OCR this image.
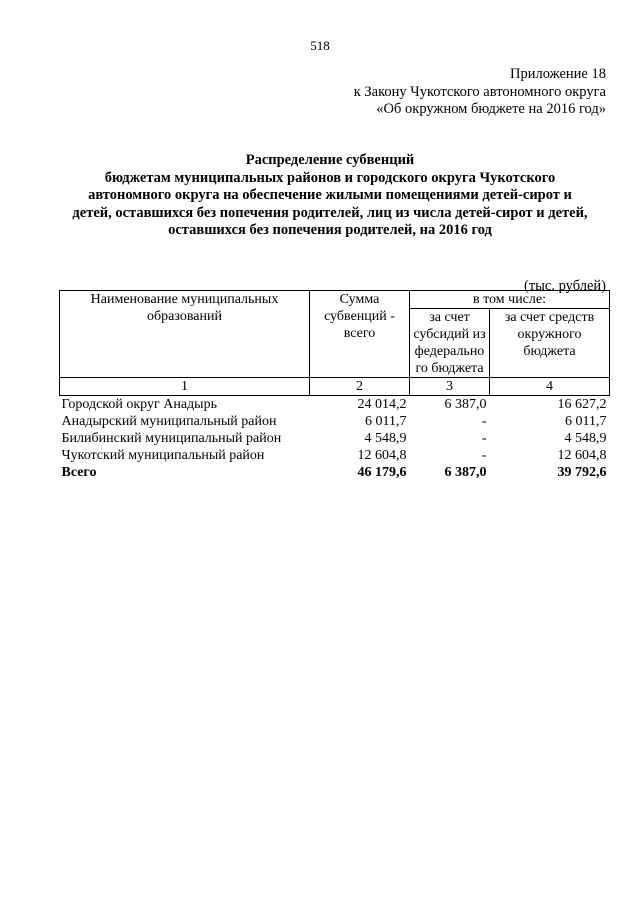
518
Приложение 18
к Закону Чукотского автономного округа
«Об окружном бюджете на 2016 год»
Распределение субвенций
бюджетам муниципальных районов и городского округа Чукотского
автономного округа на обеспечение жилыми помещениями детей-сирот и
детей, оставшихся без попечения родителей, лиц из числа детей-сирот и детей,
оставшихся без попечения родителей, на 2016 год
(тыс. рублей)
Наименование муниципальных образований	Сумма субвенций - всего	в том числе:	
		за счет субсидий из федерально го бюджета	за счет средств окружного бюджета
1	2	3	4
Городской округ Анадырь	24 014,2	6 387,0	16 627,2
Анадырский муниципальный район	6 011,7	-	6 011,7
Билибинский муниципальный район	4 548,9	-	4 548,9
Чукотский муниципальный район	12 604,8	-	12 604,8
Всего	46 179,6	6 387,0	39 792,6
